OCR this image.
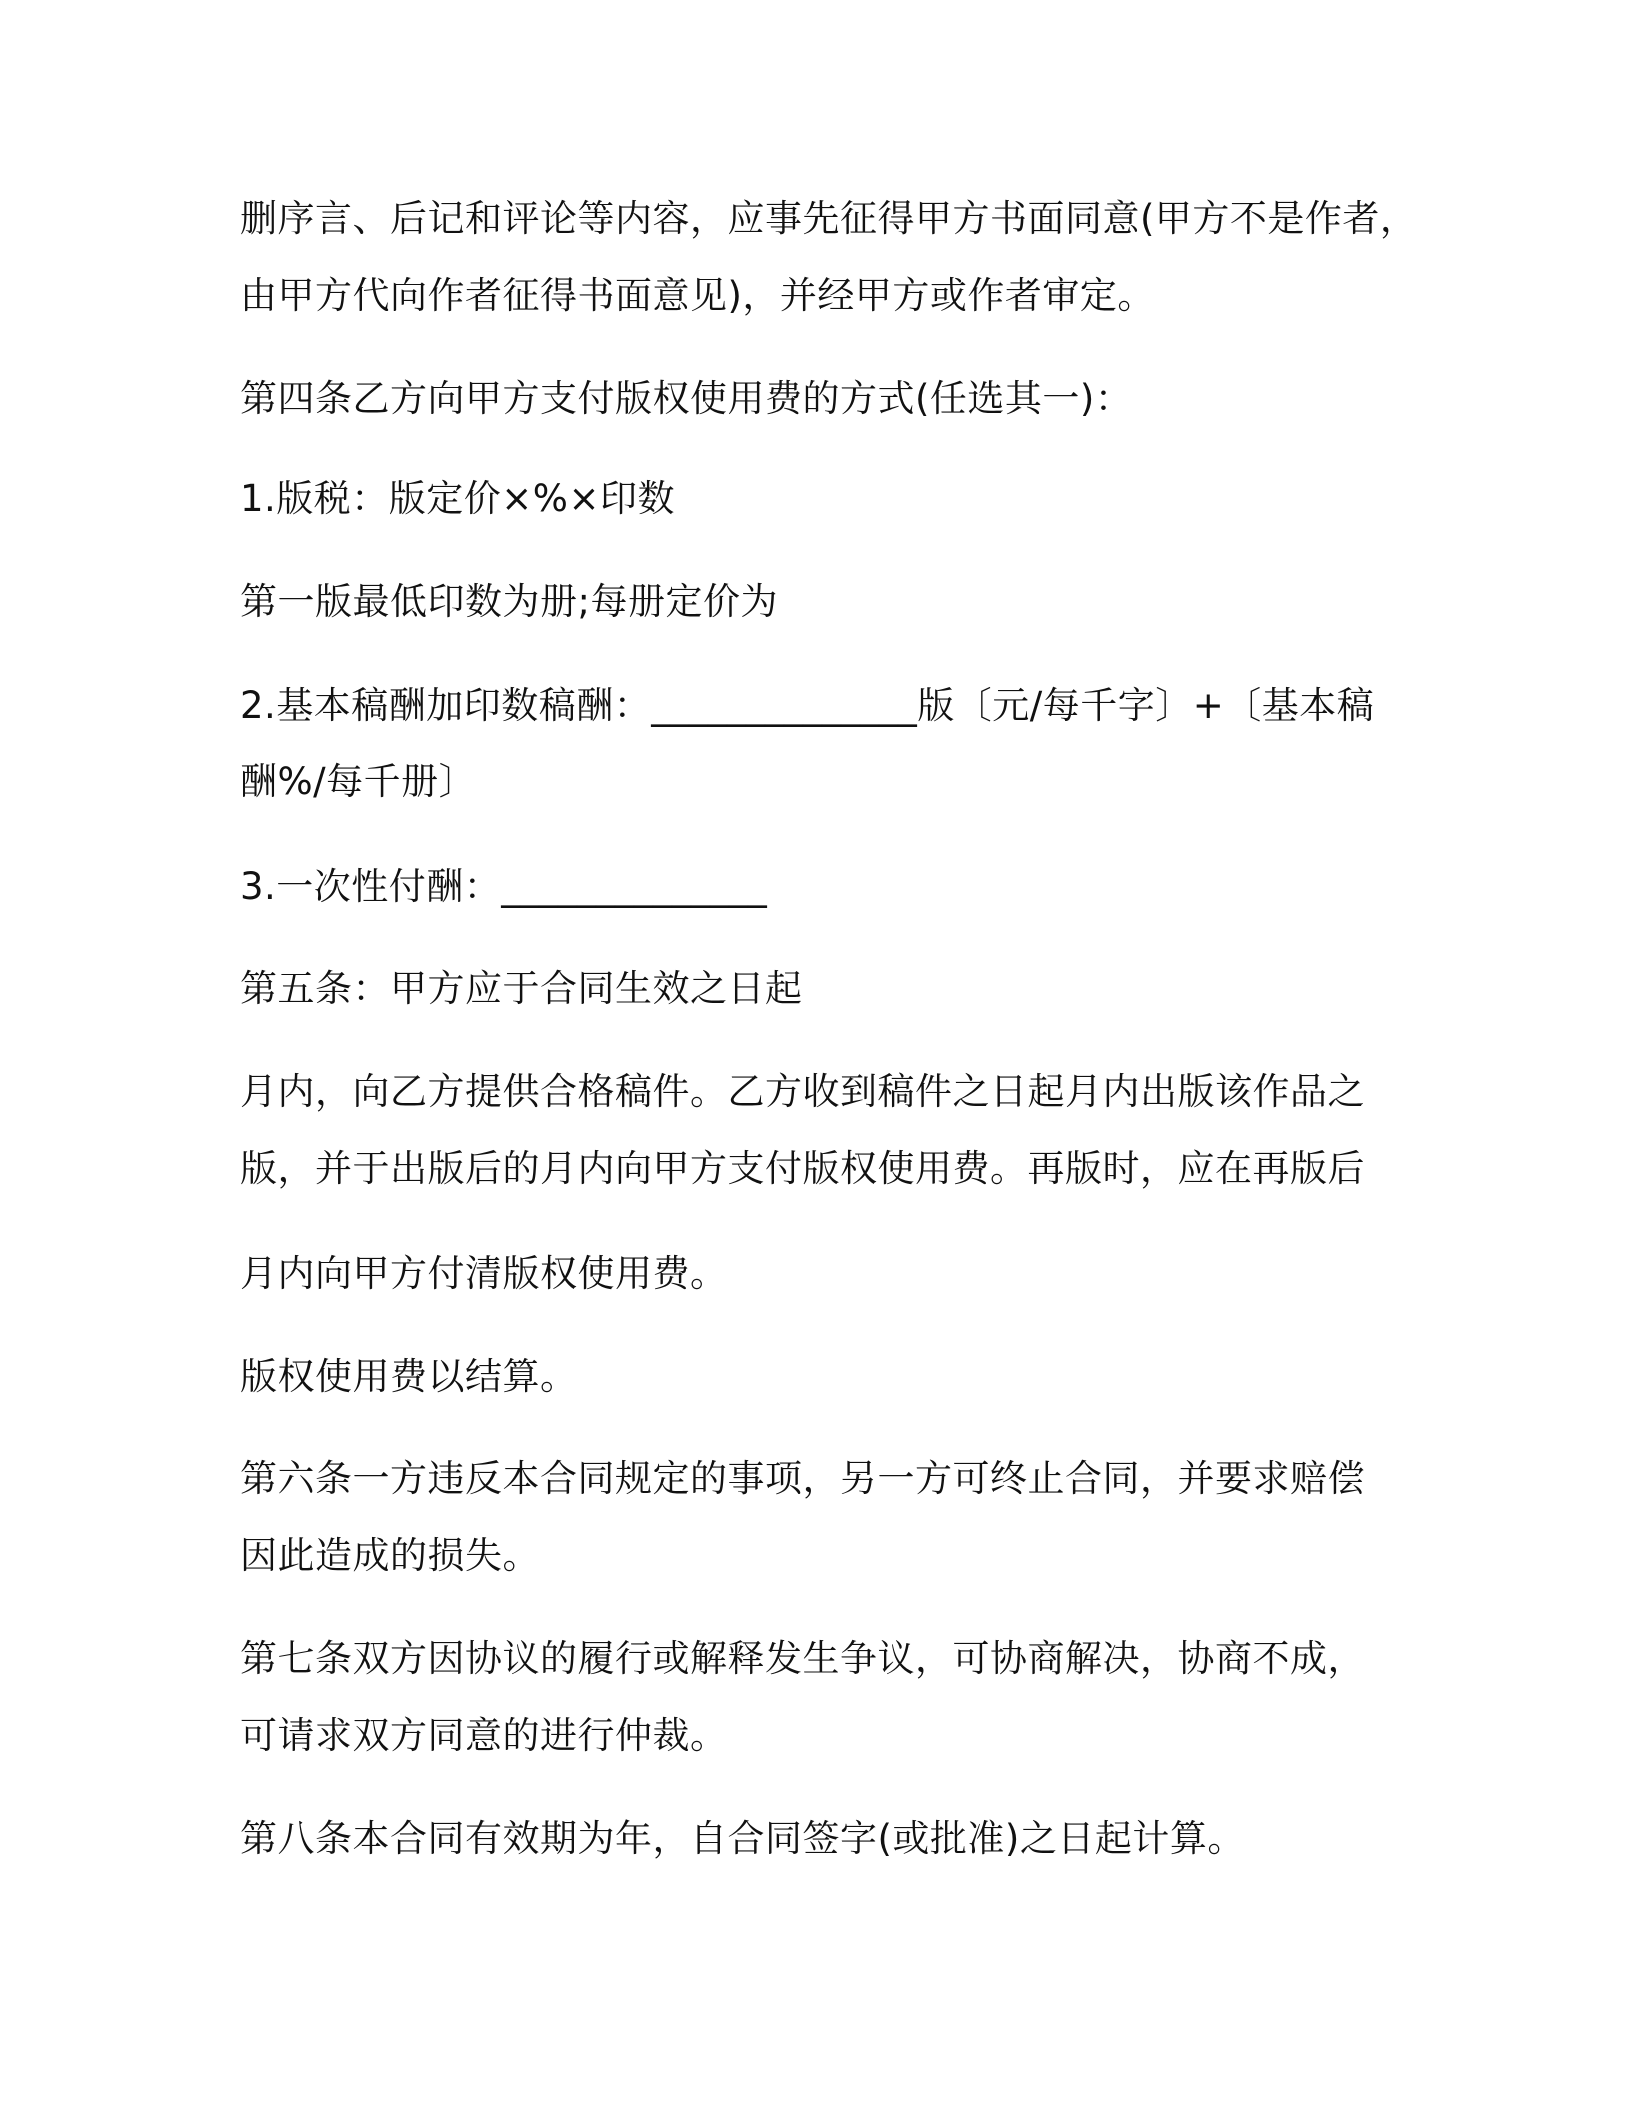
删序言、后记和评论等内容，应事先征得甲方书面同意(甲方不是作者，
由甲方代向作者征得书面意见)，并经甲方或作者审定。
第四条乙方向甲方支付版权使用费的方式(任选其一)：
1.版税：版定价×%×印数
第一版最低印数为册;每册定价为
2.基本稿酬加印数稿酬：______________版〔元/每千字〕+〔基本稿
酬%/每千册〕
3.一次性付酬：______________
第五条：甲方应于合同生效之日起
月内，向乙方提供合格稿件。乙方收到稿件之日起月内出版该作品之
版，并于出版后的月内向甲方支付版权使用费。再版时，应在再版后
月内向甲方付清版权使用费。
版权使用费以结算。
第六条一方违反本合同规定的事项，另一方可终止合同，并要求赔偿
因此造成的损失。
第七条双方因协议的履行或解释发生争议，可协商解决，协商不成，
可请求双方同意的进行仲裁。
第八条本合同有效期为年，自合同签字(或批准)之日起计算。
